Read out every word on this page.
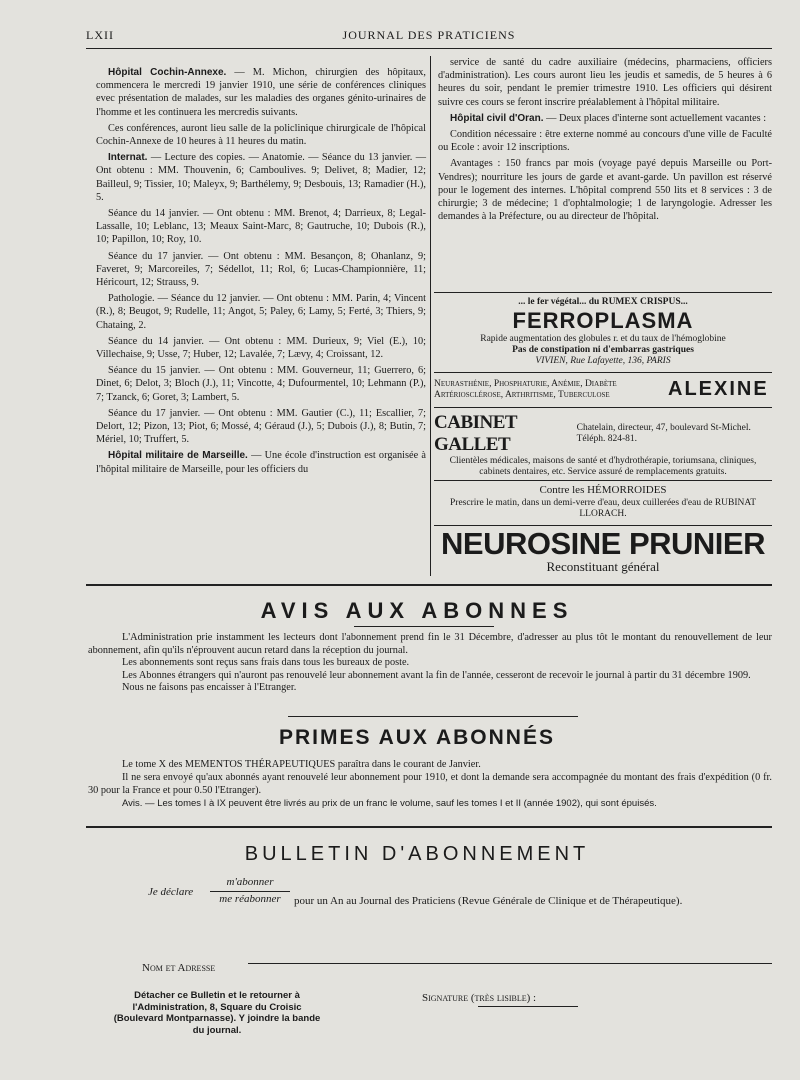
LXII	JOURNAL DES PRATICIENS

Hôpital Cochin-Annexe. — M. Michon, chirurgien des hôpitaux, commencera le mercredi 19 janvier 1910, une série de conférences cliniques evec présentation de malades, sur les maladies des organes génito-urinaires de l'homme et les continuera les mercredis suivants.

Ces conférences, auront lieu salle de la policlinique chirurgicale de l'hôpical Cochin-Annexe de 10 heures à 11 heures du matin.

Internat. — Lecture des copies. — Anatomie. — Séance du 13 janvier. — Ont obtenu : MM. Thouvenin, 6; Camboulives. 9; Delivet, 8; Madier, 12; Bailleul, 9; Tissier, 10; Maleyx, 9; Barthélemy, 9; Desbouis, 13; Ramadier (H.), 5.

Séance du 14 janvier. — Ont obtenu : MM. Brenot, 4; Darrieux, 8; Legal-Lassalle, 10; Leblanc, 13; Meaux Saint-Marc, 8; Gautruche, 10; Dubois (R.), 10; Papillon, 10; Roy, 10.

Séance du 17 janvier. — Ont obtenu : MM. Besançon, 8; Ohanlanz, 9; Faveret, 9; Marcoreiles, 7; Sédellot, 11; Rol, 6; Lucas-Championnière, 11; Héricourt, 12; Strauss, 9.

Pathologie. — Séance du 12 janvier. — Ont obtenu : MM. Parin, 4; Vincent (R.), 8; Beugot, 9; Rudelle, 11; Angot, 5; Paley, 6; Lamy, 5; Ferté, 3; Thiers, 9; Chataing, 2.

Séance du 14 janvier. — Ont obtenu : MM. Durieux, 9; Viel (E.), 10; Villechaise, 9; Usse, 7; Huber, 12; Lavalée, 7; Lævy, 4; Croissant, 12.

Séance du 15 janvier. — Ont obtenu : MM. Gouverneur, 11; Guerrero, 6; Dinet, 6; Delot, 3; Bloch (J.), 11; Vincotte, 4; Dufourmentel, 10; Lehmann (P.), 7; Tzanck, 6; Goret, 3; Lambert, 5.

Séance du 17 janvier. — Ont obtenu : MM. Gautier (C.), 11; Escallier, 7; Delort, 12; Pizon, 13; Piot, 6; Mossé, 4; Géraud (J.), 5; Dubois (J.), 8; Butin, 7; Mériel, 10; Truffert, 5.

Hôpital militaire de Marseille. — Une école d'instruction est organisée à l'hôpital militaire de Marseille, pour les officiers du

service de santé du cadre auxiliaire (médecins, pharmaciens, officiers d'administration). Les cours auront lieu les jeudis et samedis, de 5 heures à 6 heures du soir, pendant le premier trimestre 1910. Les officiers qui désirent suivre ces cours se feront inscrire préalablement à l'hôpital militaire.

Hôpital civil d'Oran. — Deux places d'interne sont actuellement vacantes :

Condition nécessaire : être externe nommé au concours d'une ville de Faculté ou Ecole : avoir 12 inscriptions.

Avantages : 150 francs par mois (voyage payé depuis Marseille ou Port-Vendres); nourriture les jours de garde et avant-garde. Un pavillon est réservé pour le logement des internes. L'hôpital comprend 550 lits et 8 services : 3 de chirurgie; 3 de médecine; 1 d'ophtalmologie; 1 de laryngologie. Adresser les demandes à la Préfecture, ou au directeur de l'hôpital.

... le fer végétal... du RUMEX CRISPUS...
FERROPLASMA
Rapide augmentation des globules r. et du taux de l'hémoglobine
Pas de constipation ni d'embarras gastriques
VIVIEN, Rue Lafayette, 136, PARIS
Neurasthénie, Phosphaturie, Anémie, Diabète Artériosclérose, Arthritisme, Tuberculose	ALEXINE
CABINET GALLET
Chatelain, directeur, 47, boulevard St-Michel. Téléph. 824-81.
Clientèles médicales, maisons de santé et d'hydrothérapie, toriumsana, cliniques, cabinets dentaires, etc. Service assuré de remplacements gratuits.
Contre les HÉMORROIDES
Prescrire le matin, dans un demi-verre d'eau, deux cuillerées d'eau de RUBINAT LLORACH.
NEUROSINE PRUNIER
Reconstituant général
AVIS AUX ABONNES

L'Administration prie instamment les lecteurs dont l'abonnement prend fin le 31 Décembre, d'adresser au plus tôt le montant du renouvellement de leur abonnement, afin qu'ils n'éprouvent aucun retard dans la réception du journal.

Les abonnements sont reçus sans frais dans tous les bureaux de poste.

Les Abonnes étrangers qui n'auront pas renouvelé leur abonnement avant la fin de l'année, cesseront de recevoir le journal à partir du 31 décembre 1909.

Nous ne faisons pas encaisser à l'Etranger.

PRIMES AUX ABONNÉS

Le tome X des MEMENTOS THÉRAPEUTIQUES paraîtra dans le courant de Janvier.

Il ne sera envoyé qu'aux abonnés ayant renouvelé leur abonnement pour 1910, et dont la demande sera accompagnée du montant des frais d'expédition (0 fr. 30 pour la France et pour 0.50 l'Etranger).

Avis. — Les tomes I à IX peuvent être livrés au prix de un franc le volume, sauf les tomes I et II (année 1902), qui sont épuisés.

BULLETIN D'ABONNEMENT
Je déclare
m'abonner
me réabonner	pour un An au Journal des Praticiens (Revue Générale de Clinique et de Thérapeutique).
Nom et Adresse
Détacher ce Bulletin et le retourner à l'Administration, 8, Square du Croisic (Boulevard Montparnasse). Y joindre la bande du journal.
Signature (très lisible) :
